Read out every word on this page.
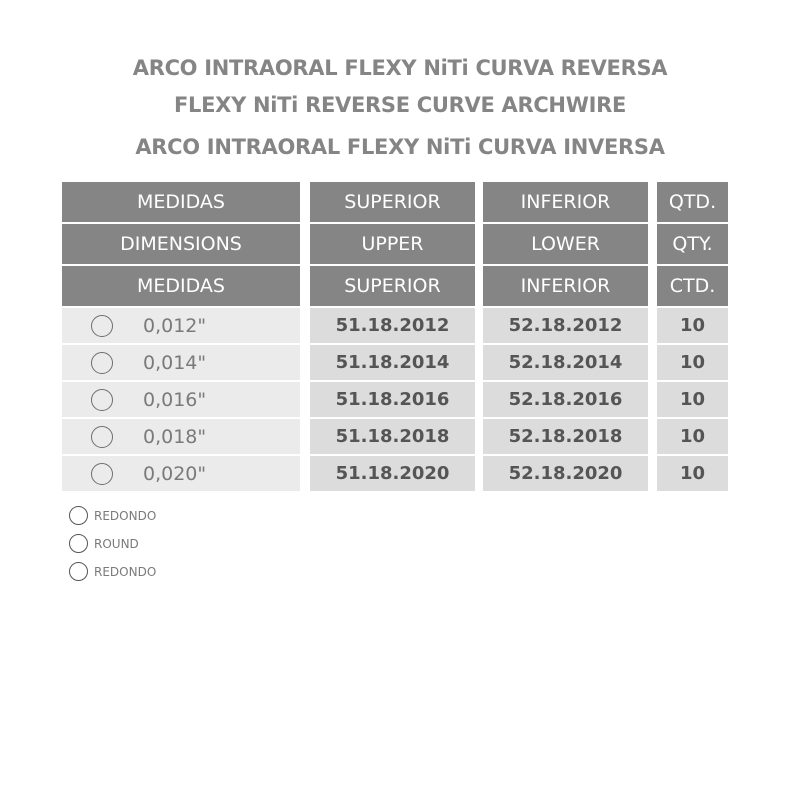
ARCO INTRAORAL FLEXY NiTi CURVA REVERSA
FLEXY NiTi REVERSE CURVE ARCHWIRE
ARCO INTRAORAL FLEXY NiTi CURVA INVERSA
MEDIDAS	SUPERIOR	INFERIOR	QTD.
DIMENSIONS	UPPER	LOWER	QTY.
MEDIDAS	SUPERIOR	INFERIOR	CTD.
0,012"	51.18.2012	52.18.2012	10
0,014"	51.18.2014	52.18.2014	10
0,016"	51.18.2016	52.18.2016	10
0,018"	51.18.2018	52.18.2018	10
0,020"	51.18.2020	52.18.2020	10
REDONDO
ROUND
REDONDO
